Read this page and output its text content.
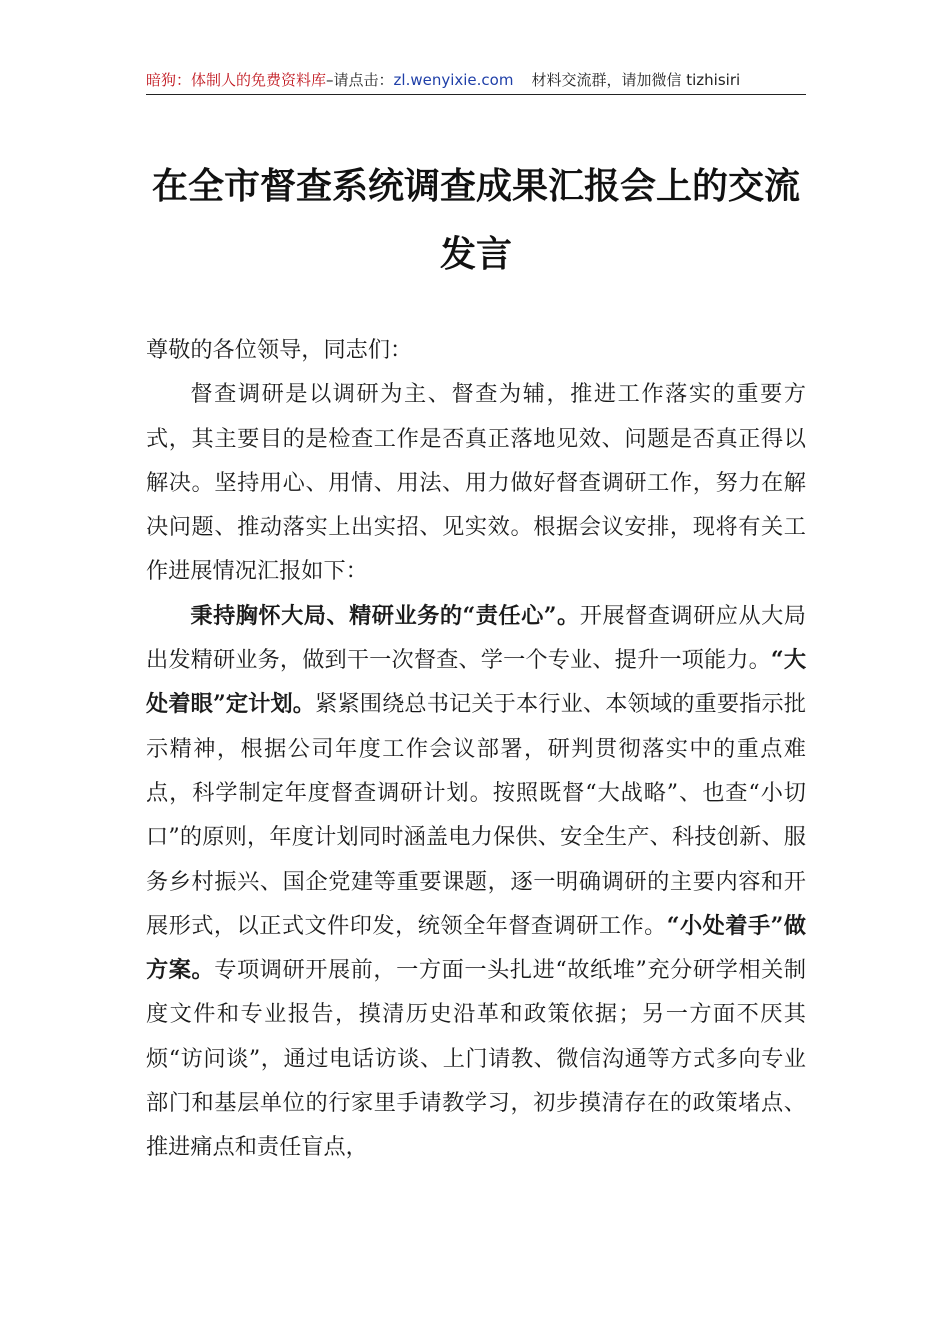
暗狗：体制人的免费资料库–请点击：zl.wenyixie.com 材料交流群，请加微信 tizhisiri
在全市督查系统调查成果汇报会上的交流
发言

尊敬的各位领导，同志们：

督查调研是以调研为主、督查为辅，推进工作落实的重要方式，其主要目的是检查工作是否真正落地见效、问题是否真正得以解决。坚持用心、用情、用法、用力做好督查调研工作，努力在解决问题、推动落实上出实招、见实效。根据会议安排，现将有关工作进展情况汇报如下：

秉持胸怀大局、精研业务的“责任心”。开展督查调研应从大局出发精研业务，做到干一次督查、学一个专业、提升一项能力。“大处着眼”定计划。紧紧围绕总书记关于本行业、本领域的重要指示批示精神，根据公司年度工作会议部署，研判贯彻落实中的重点难点，科学制定年度督查调研计划。按照既督“大战略”、也查“小切口”的原则，年度计划同时涵盖电力保供、安全生产、科技创新、服务乡村振兴、国企党建等重要课题，逐一明确调研的主要内容和开展形式，以正式文件印发，统领全年督查调研工作。“小处着手”做方案。专项调研开展前，一方面一头扎进“故纸堆”充分研学相关制度文件和专业报告，摸清历史沿革和政策依据；另一方面不厌其烦“访问谈”，通过电话访谈、上门请教、微信沟通等方式多向专业部门和基层单位的行家里手请教学习，初步摸清存在的政策堵点、推进痛点和责任盲点，
